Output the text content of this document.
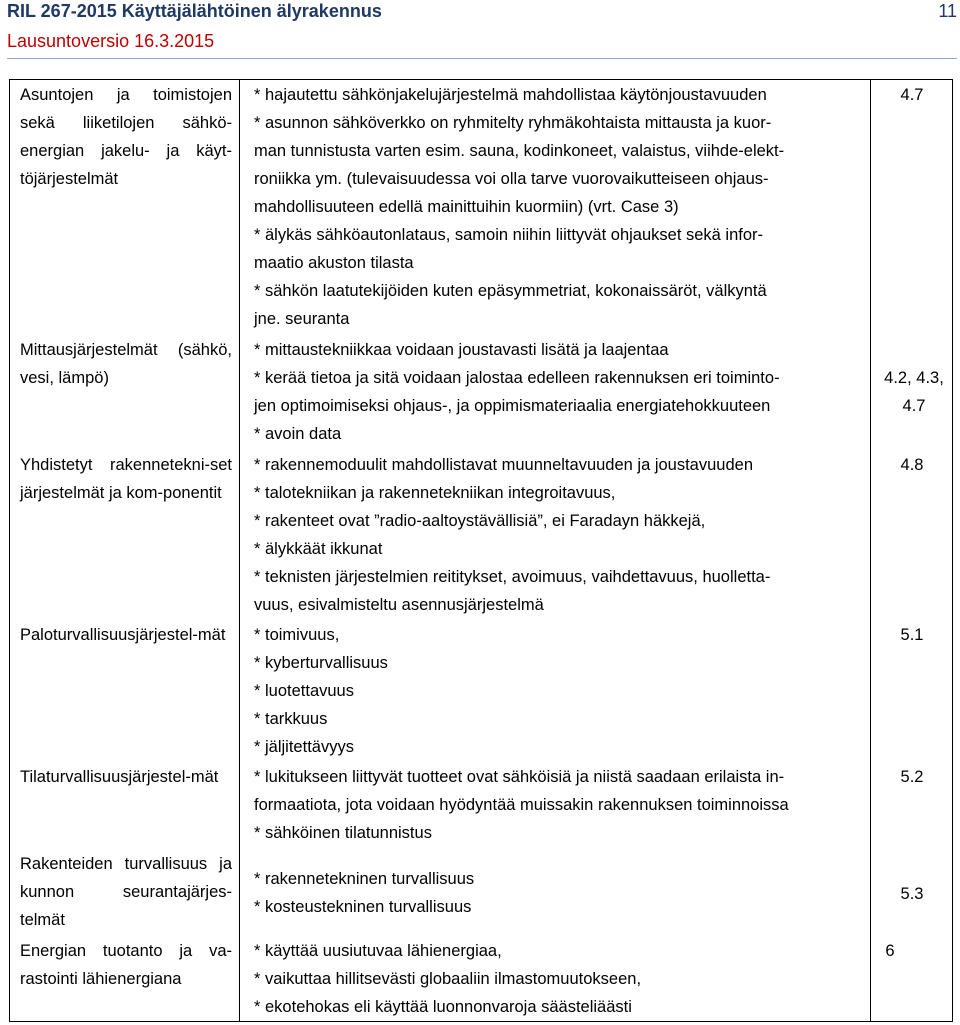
RIL 267-2015 Käyttäjälähtöinen älyrakennus
Lausuntoversio 16.3.2015
11
Asuntojen ja toimistojen sekä liiketilojen sähkö-energian jakelu- ja käyt-töjärjestelmät
* hajautettu sähkönjakelujärjestelmä mahdollistaa käytönjoustavuuden
* asunnon sähköverkko on ryhmitelty ryhmäkohtaista mittausta ja kuor-
man tunnistusta varten esim. sauna, kodinkoneet, valaistus, viihde-elekt-
roniikka ym. (tulevaisuudessa voi olla tarve vuorovaikutteiseen ohjaus-
mahdollisuuteen edellä mainittuihin kuormiin) (vrt. Case 3)
* älykäs sähköautonlataus, samoin niihin liittyvät ohjaukset sekä infor-
maatio akuston tilasta
* sähkön laatutekijöiden kuten epäsymmetriat, kokonaissäröt, välkyntä
jne. seuranta
4.7
Mittausjärjestelmät (sähkö, vesi, lämpö)
* mittaustekniikkaa voidaan joustavasti lisätä ja laajentaa
* kerää tietoa ja sitä voidaan jalostaa edelleen rakennuksen eri toiminto-
jen optimoimiseksi ohjaus-, ja oppimismateriaalia energiatehokkuuteen
* avoin data
4.2, 4.3,
4.7
Yhdistetyt rakennetekni-set järjestelmät ja kom-ponentit
* rakennemoduulit mahdollistavat muunneltavuuden ja joustavuuden
* talotekniikan ja rakennetekniikan integroitavuus,
* rakenteet ovat ”radio-aaltoystävällisiä”, ei Faradayn häkkejä,
* älykkäät ikkunat
* teknisten järjestelmien reititykset, avoimuus, vaihdettavuus, huolletta-
vuus, esivalmisteltu asennusjärjestelmä
4.8
Paloturvallisuusjärjestel-mät	* toimivuus,
* kyberturvallisuus
* luotettavuus
* tarkkuus
* jäljitettävyys
5.1
Tilaturvallisuusjärjestel-mät	* lukitukseen liittyvät tuotteet ovat sähköisiä ja niistä saadaan erilaista in-
formaatiota, jota voidaan hyödyntää muissakin rakennuksen toiminnoissa
* sähköinen tilatunnistus
5.2
Rakenteiden turvallisuus ja kunnon seurantajärjes-telmät
* rakennetekninen turvallisuus
* kosteustekninen turvallisuus
5.3
Energian tuotanto ja va-rastointi lähienergiana
* käyttää uusiutuvaa lähienergiaa,
* vaikuttaa hillitsevästi globaaliin ilmastomuutokseen,
* ekotehokas eli käyttää luonnonvaroja säästeliäästi
6
